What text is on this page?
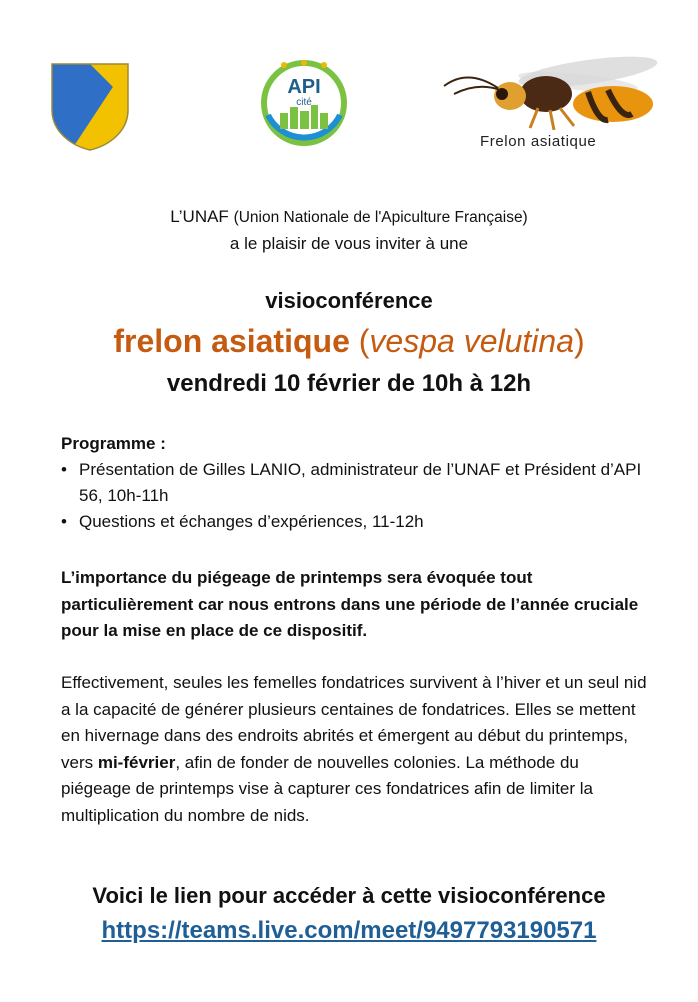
API
cité
Frelon asiatique
L’UNAF (Union Nationale de l'Apiculture Française)
a le plaisir de vous inviter à une
visioconférence
frelon asiatique (vespa velutina)
vendredi 10 février de 10h à 12h
Programme :
• Présentation de Gilles LANIO, administrateur de l’UNAF et Président d’API 56, 10h-11h
• Questions et échanges d’expériences, 11-12h
L’importance du piégeage de printemps sera évoquée tout particulièrement car nous entrons dans une période de l’année cruciale pour la mise en place de ce dispositif.
Effectivement, seules les femelles fondatrices survivent à l’hiver et un seul nid a la capacité de générer plusieurs centaines de fondatrices. Elles se mettent en hivernage dans des endroits abrités et émergent au début du printemps, vers mi-février, afin de fonder de nouvelles colonies. La méthode du piégeage de printemps vise à capturer ces fondatrices afin de limiter la multiplication du nombre de nids.
Voici le lien pour accéder à cette visioconférence
https://teams.live.com/meet/9497793190571
